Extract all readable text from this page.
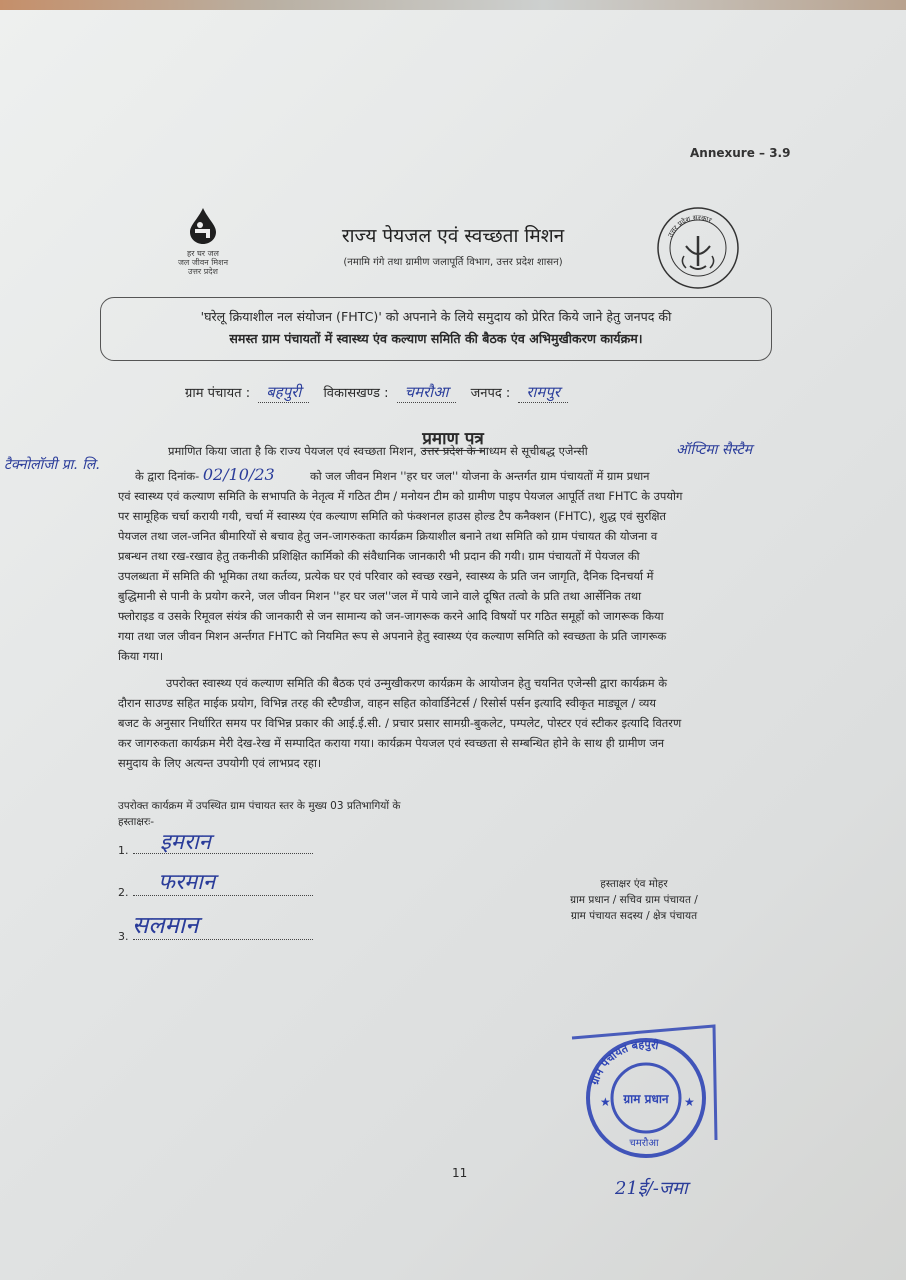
Annexure – 3.9
हर घर जल
जल जीवन मिशन
उत्तर प्रदेश
राज्य पेयजल एवं स्वच्छता मिशन
(नमामि गंगे तथा ग्रामीण जलापूर्ति विभाग, उत्तर प्रदेश शासन)
उत्तर प्रदेश सरकार
'घरेलू क्रियाशील नल संयोजन (FHTC)' को अपनाने के लिये समुदाय को प्रेरित किये जाने हेतु जनपद की
समस्त ग्राम पंचायतों में स्वास्थ्य एंव कल्याण समिति की बैठक एंव अभिमुखीकरण कार्यक्रम।
ग्राम पंचायत : बहपुरी विकासखण्ड : चमरौआ जनपद : रामपुर
प्रमाण पत्र
ऑप्टिमा सैस्टैम
टैक्नोलॉजी प्रा. लि.
प्रमाणित किया जाता है कि राज्य पेयजल एवं स्वच्छता मिशन, उत्तर प्रदेश के माध्यम से सूचीबद्ध एजेन्सी
के द्वारा दिनांक- 02/10/23	को जल जीवन मिशन ''हर घर जल'' योजना के अन्तर्गत ग्राम पंचायतों में ग्राम प्रधान
एवं स्वास्थ्य एवं कल्याण समिति के सभापति के नेतृत्व में गठित टीम / मनोयन टीम को ग्रामीण पाइप पेयजल आपूर्ति तथा FHTC के उपयोग
पर सामूहिक चर्चा करायी गयी, चर्चा में स्वास्थ्य एंव कल्याण समिति को फंक्शनल हाउस होल्ड टैप कनैक्शन (FHTC), शुद्ध एवं सुरक्षित
पेयजल तथा जल-जनित बीमारियों से बचाव हेतु जन-जागरुकता कार्यक्रम क्रियाशील बनाने तथा समिति को ग्राम पंचायत की योजना व
प्रबन्धन तथा रख-रखाव हेतु तकनीकी प्रशिक्षित कार्मिको की संवैधानिक जानकारी भी प्रदान की गयी। ग्राम पंचायतों में पेयजल की
उपलब्धता में समिति की भूमिका तथा कर्तव्य, प्रत्येक घर एवं परिवार को स्वच्छ रखने, स्वास्थ्य के प्रति जन जागृति, दैनिक दिनचर्या में
बुद्धिमानी से पानी के प्रयोग करने, जल जीवन मिशन ''हर घर जल''जल में पाये जाने वाले दूषित तत्वो के प्रति तथा आर्सेनिक तथा
फ्लोराइड व उसके रिमूवल संयंत्र की जानकारी से जन सामान्य को जन-जागरूक करने आदि विषयों पर गठित समूहों को जागरूक किया
गया तथा जल जीवन मिशन अर्न्तगत FHTC को नियमित रूप से अपनाने हेतु स्वास्थ्य एंव कल्याण समिति को स्वच्छता के प्रति जागरूक
किया गया।
उपरोक्त स्वास्थ्य एवं कल्याण समिति की बैठक एवं उन्मुखीकरण कार्यक्रम के आयोजन हेतु चयनित एजेन्सी द्वारा कार्यक्रम के
दौरान साउण्ड सहित माईक प्रयोग, विभिन्न तरह की स्टैण्डीज, वाहन सहित कोवार्डिनेटर्स / रिसोर्स पर्सन इत्यादि स्वीकृत माड्यूल / व्यय
बजट के अनुसार निर्धारित समय पर विभिन्न प्रकार की आई.ई.सी. / प्रचार प्रसार सामग्री-बुकलेट, पम्पलेट, पोस्टर एवं स्टीकर इत्यादि वितरण
कर जागरुकता कार्यक्रम मेरी देख-रेख में सम्पादित कराया गया। कार्यक्रम पेयजल एवं स्वच्छता से सम्बन्धित होने के साथ ही ग्रामीण जन
समुदाय के लिए अत्यन्त उपयोगी एवं लाभप्रद रहा।
उपरोक्त कार्यक्रम में उपस्थित ग्राम पंचायत स्तर के मुख्य 03 प्रतिभागियों के
हस्ताक्षरः-
1.	इमरान
2.	फरमान
3. सलमान
हस्ताक्षर एंव मोहर
ग्राम प्रधान / सचिव ग्राम पंचायत /
ग्राम पंचायत सदस्य / क्षेत्र पंचायत
ग्राम पंचायत बहपुरी
ग्राम प्रधान
चमरौआ
★	★
11
21ई/-जमा
